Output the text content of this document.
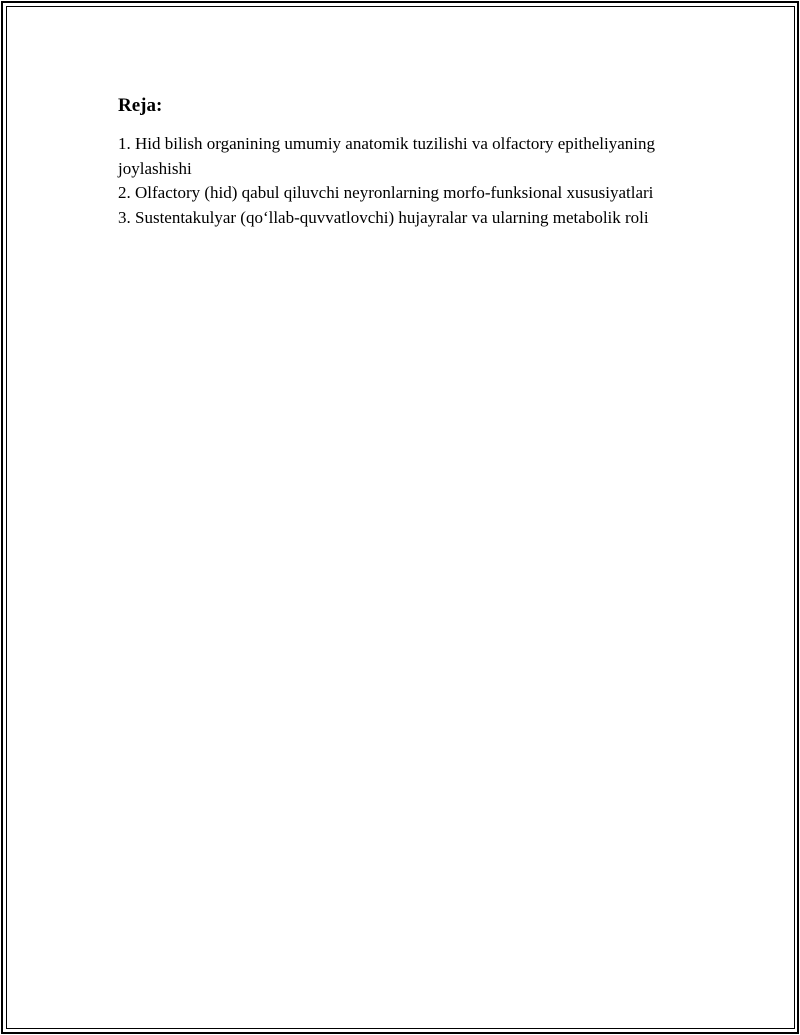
Reja:
1. Hid bilish organining umumiy anatomik tuzilishi va olfactory epitheliyaning joylashishi
2. Olfactory (hid) qabul qiluvchi neyronlarning morfo-funksional xususiyatlari
3. Sustentakulyar (qo‘llab-quvvatlovchi) hujayralar va ularning metabolik roli
